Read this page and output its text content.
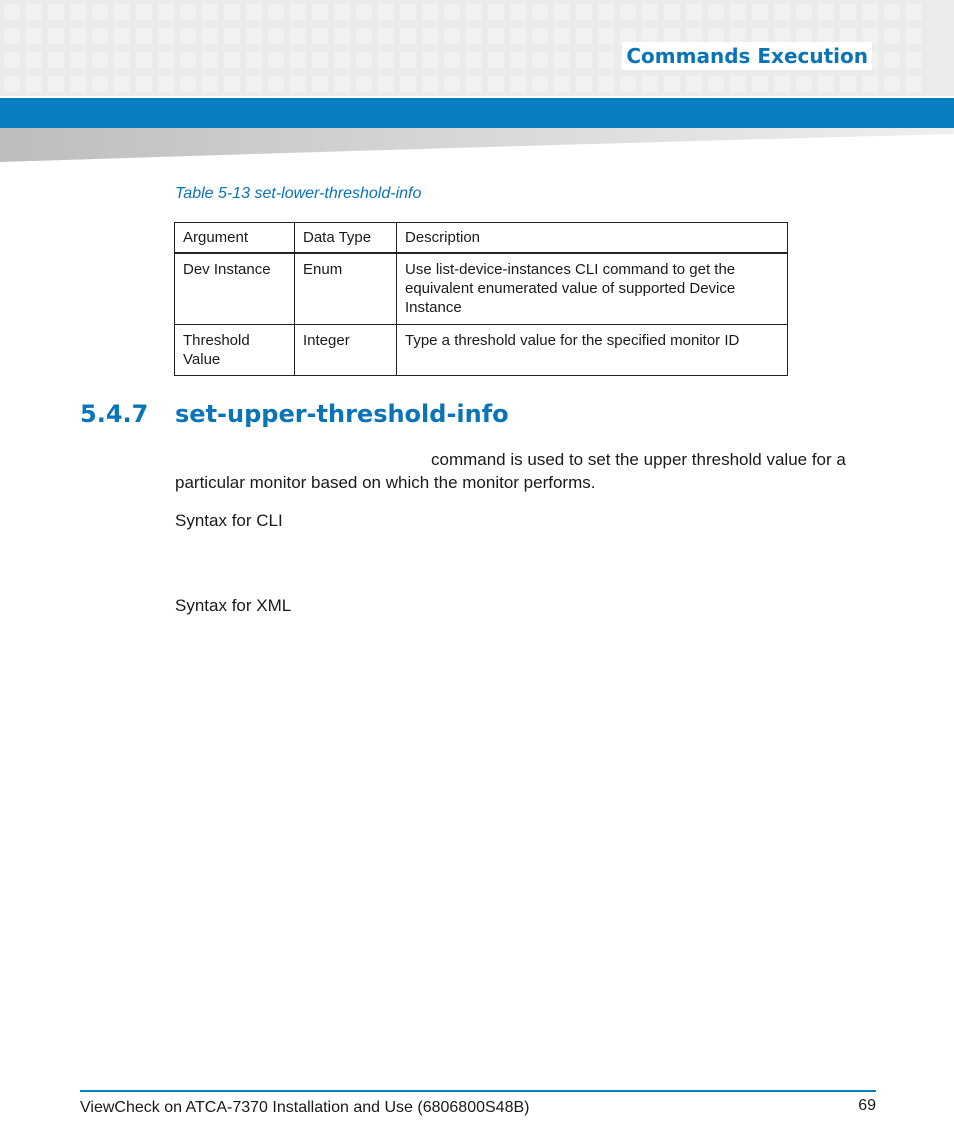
Commands Execution

Table 5-13 set-lower-threshold-info

Argument	Data Type	Description
Dev Instance	Enum	Use list-device-instances CLI command to get the equivalent enumerated value of supported Device Instance
Threshold Value	Integer	Type a threshold value for the specified monitor ID
5.4.7 set-upper-threshold-info

command is used to set the upper threshold value for a particular monitor based on which the monitor performs.

Syntax for CLI

Syntax for XML

ViewCheck on ATCA-7370 Installation and Use (6806800S48B)	69
